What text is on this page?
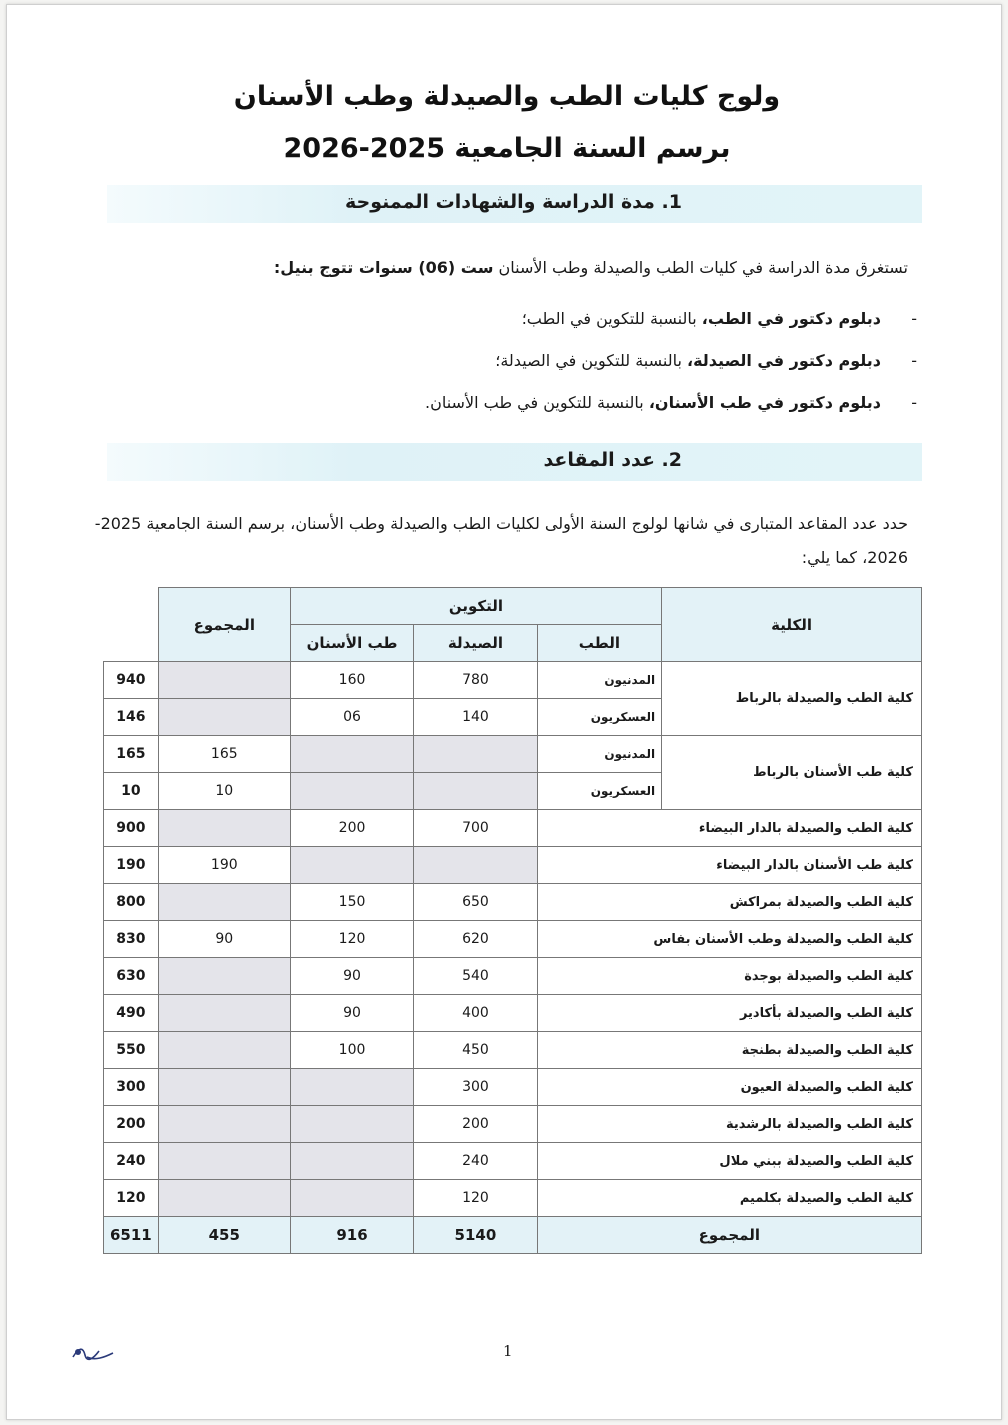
ولوج كليات الطب والصيدلة وطب الأسنان
برسم السنة الجامعية 2025-2026
1. مدة الدراسة والشهادات الممنوحة
تستغرق مدة الدراسة في كليات الطب والصيدلة وطب الأسنان ست (06) سنوات تتوج بنيل:
-
دبلوم دكتور في الطب، بالنسبة للتكوين في الطب؛
-
دبلوم دكتور في الصيدلة، بالنسبة للتكوين في الصيدلة؛
-
دبلوم دكتور في طب الأسنان، بالنسبة للتكوين في طب الأسنان.
2. عدد المقاعد
حدد عدد المقاعد المتبارى في شانها لولوج السنة الأولى لكليات الطب والصيدلة وطب الأسنان، برسم السنة الجامعية 2025-2026، كما يلي:
الكلية	التكوين			المجموع	
	الطب	الصيدلة	طب الأسنان		
كلية الطب والصيدلة بالرباط	المدنيون	780	160		940
	العسكريون	140	06		146
كلية طب الأسنان بالرباط	المدنيون			165	165
	العسكريون			10	10
كلية الطب والصيدلة بالدار البيضاء		700	200		900
كلية طب الأسنان بالدار البيضاء				190	190
كلية الطب والصيدلة بمراكش		650	150		800
كلية الطب والصيدلة وطب الأسنان بفاس		620	120	90	830
كلية الطب والصيدلة بوجدة		540	90		630
كلية الطب والصيدلة بأكادير		400	90		490
كلية الطب والصيدلة بطنجة		450	100		550
كلية الطب والصيدلة العيون		300			300
كلية الطب والصيدلة بالرشدية		200			200
كلية الطب والصيدلة ببني ملال		240			240
كلية الطب والصيدلة بكلميم		120			120
المجموع		5140	916	455	6511
1
